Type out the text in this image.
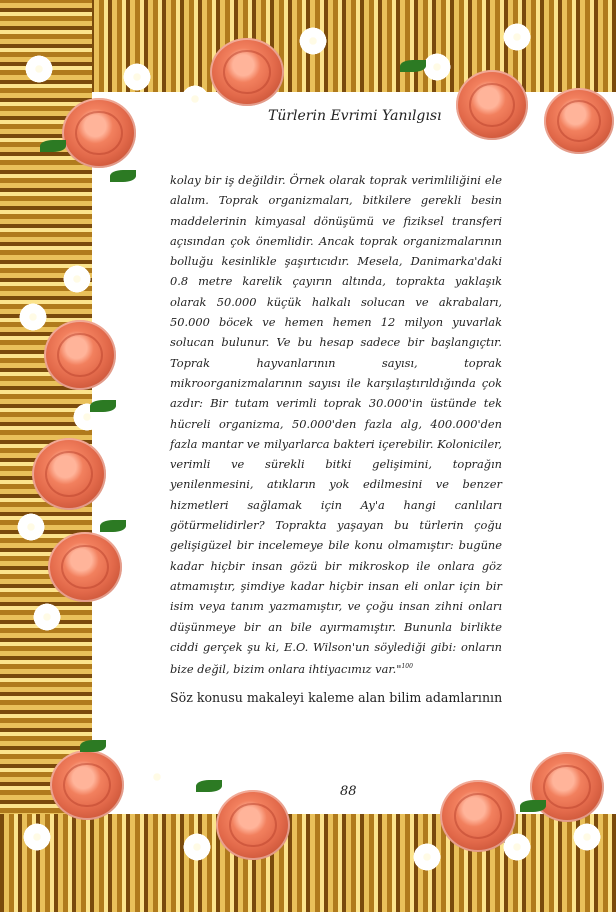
Türlerin Evrimi Yanılgısı
kolay bir iş değildir. Örnek olarak toprak verimliliğini ele alalım. Toprak organizmaları, bitkilere gerekli besin maddelerinin kimyasal dönüşümü ve fiziksel transferi açısından çok önemlidir. Ancak toprak organizmalarının bolluğu kesinlikle şaşırtıcıdır. Mesela, Danimarka'daki 0.8 metre karelik çayırın altında, toprakta yaklaşık olarak 50.000 küçük halkalı solucan ve akrabaları, 50.000 böcek ve hemen hemen 12 milyon yuvarlak solucan bulunur. Ve bu hesap sadece bir başlangıçtır. Toprak hayvanlarının sayısı, toprak mikroorganizmalarının sayısı ile karşılaştırıldığında çok azdır: Bir tutam verimli toprak 30.000'in üstünde tek hücreli organizma, 50.000'den fazla alg, 400.000'den fazla mantar ve milyarlarca bakteri içerebilir. Koloniciler, verimli ve sürekli bitki gelişimini, toprağın yenilenmesini, atıkların yok edilmesini ve benzer hizmetleri sağlamak için Ay'a hangi canlıları götürmelidirler? Toprakta yaşayan bu türlerin çoğu gelişigüzel bir incelemeye bile konu olmamıştır: bugüne kadar hiçbir insan gözü bir mikroskop ile onlara göz atmamıştır, şimdiye kadar hiçbir insan eli onlar için bir isim veya tanım yazmamıştır, ve çoğu insan zihni onları düşünmeye bir an bile ayırmamıştır. Bununla birlikte ciddi gerçek şu ki, E.O. Wilson'un söylediği gibi: onların bize değil, bizim onlara ihtiyacımız var."$^{100}$
Söz konusu makaleyi kaleme alan bilim adamlarının
88
